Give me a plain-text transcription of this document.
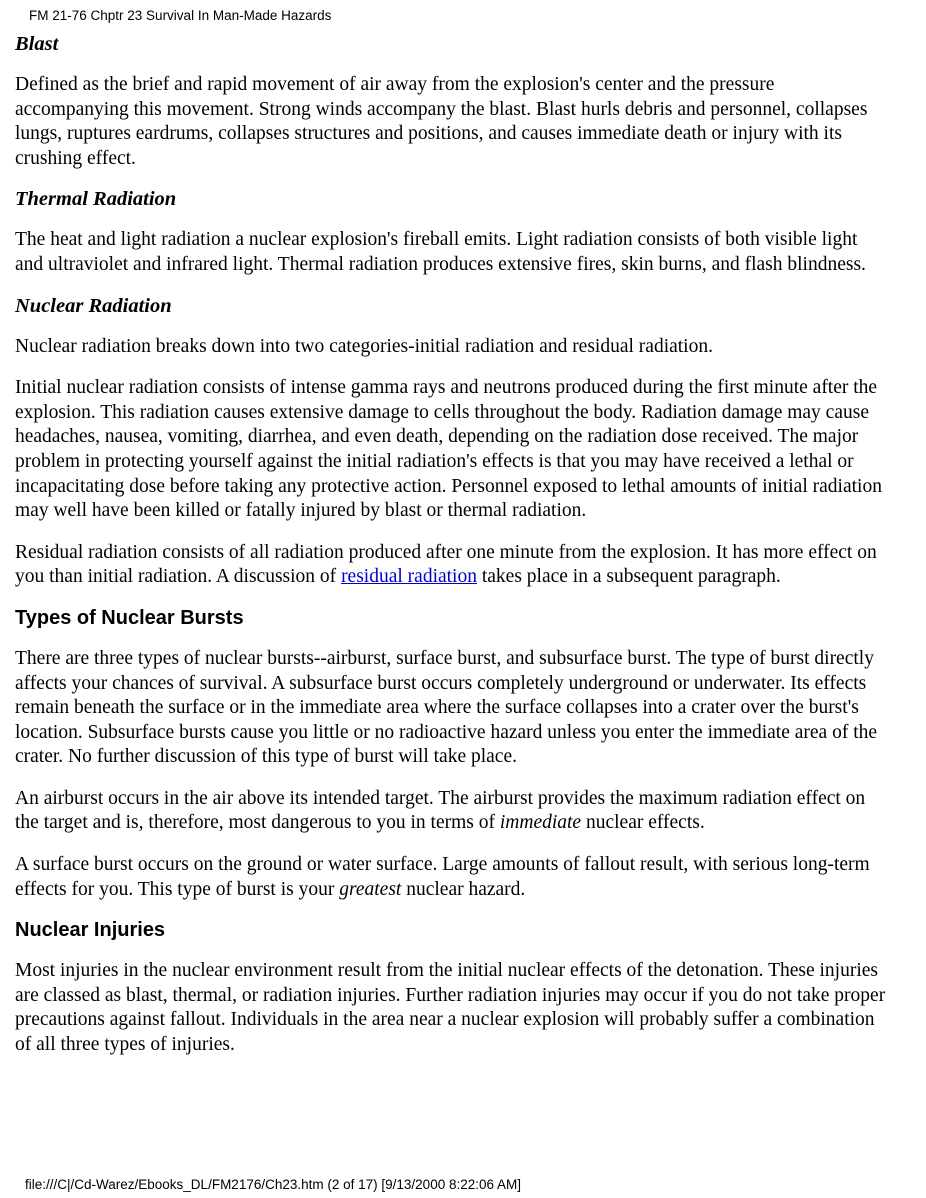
FM 21-76 Chptr 23 Survival In Man-Made Hazards
Blast

Defined as the brief and rapid movement of air away from the explosion's center and the pressure accompanying this movement. Strong winds accompany the blast. Blast hurls debris and personnel, collapses lungs, ruptures eardrums, collapses structures and positions, and causes immediate death or injury with its crushing effect.

Thermal Radiation

The heat and light radiation a nuclear explosion's fireball emits. Light radiation consists of both visible light and ultraviolet and infrared light. Thermal radiation produces extensive fires, skin burns, and flash blindness.

Nuclear Radiation

Nuclear radiation breaks down into two categories-initial radiation and residual radiation.

Initial nuclear radiation consists of intense gamma rays and neutrons produced during the first minute after the explosion. This radiation causes extensive damage to cells throughout the body. Radiation damage may cause headaches, nausea, vomiting, diarrhea, and even death, depending on the radiation dose received. The major problem in protecting yourself against the initial radiation's effects is that you may have received a lethal or incapacitating dose before taking any protective action. Personnel exposed to lethal amounts of initial radiation may well have been killed or fatally injured by blast or thermal radiation.

Residual radiation consists of all radiation produced after one minute from the explosion. It has more effect on you than initial radiation. A discussion of residual radiation takes place in a subsequent paragraph.

Types of Nuclear Bursts

There are three types of nuclear bursts--airburst, surface burst, and subsurface burst. The type of burst directly affects your chances of survival. A subsurface burst occurs completely underground or underwater. Its effects remain beneath the surface or in the immediate area where the surface collapses into a crater over the burst's location. Subsurface bursts cause you little or no radioactive hazard unless you enter the immediate area of the crater. No further discussion of this type of burst will take place.

An airburst occurs in the air above its intended target. The airburst provides the maximum radiation effect on the target and is, therefore, most dangerous to you in terms of immediate nuclear effects.

A surface burst occurs on the ground or water surface. Large amounts of fallout result, with serious long-term effects for you. This type of burst is your greatest nuclear hazard.

Nuclear Injuries

Most injuries in the nuclear environment result from the initial nuclear effects of the detonation. These injuries are classed as blast, thermal, or radiation injuries. Further radiation injuries may occur if you do not take proper precautions against fallout. Individuals in the area near a nuclear explosion will probably suffer a combination of all three types of injuries.

file:///C|/Cd-Warez/Ebooks_DL/FM2176/Ch23.htm (2 of 17) [9/13/2000 8:22:06 AM]
